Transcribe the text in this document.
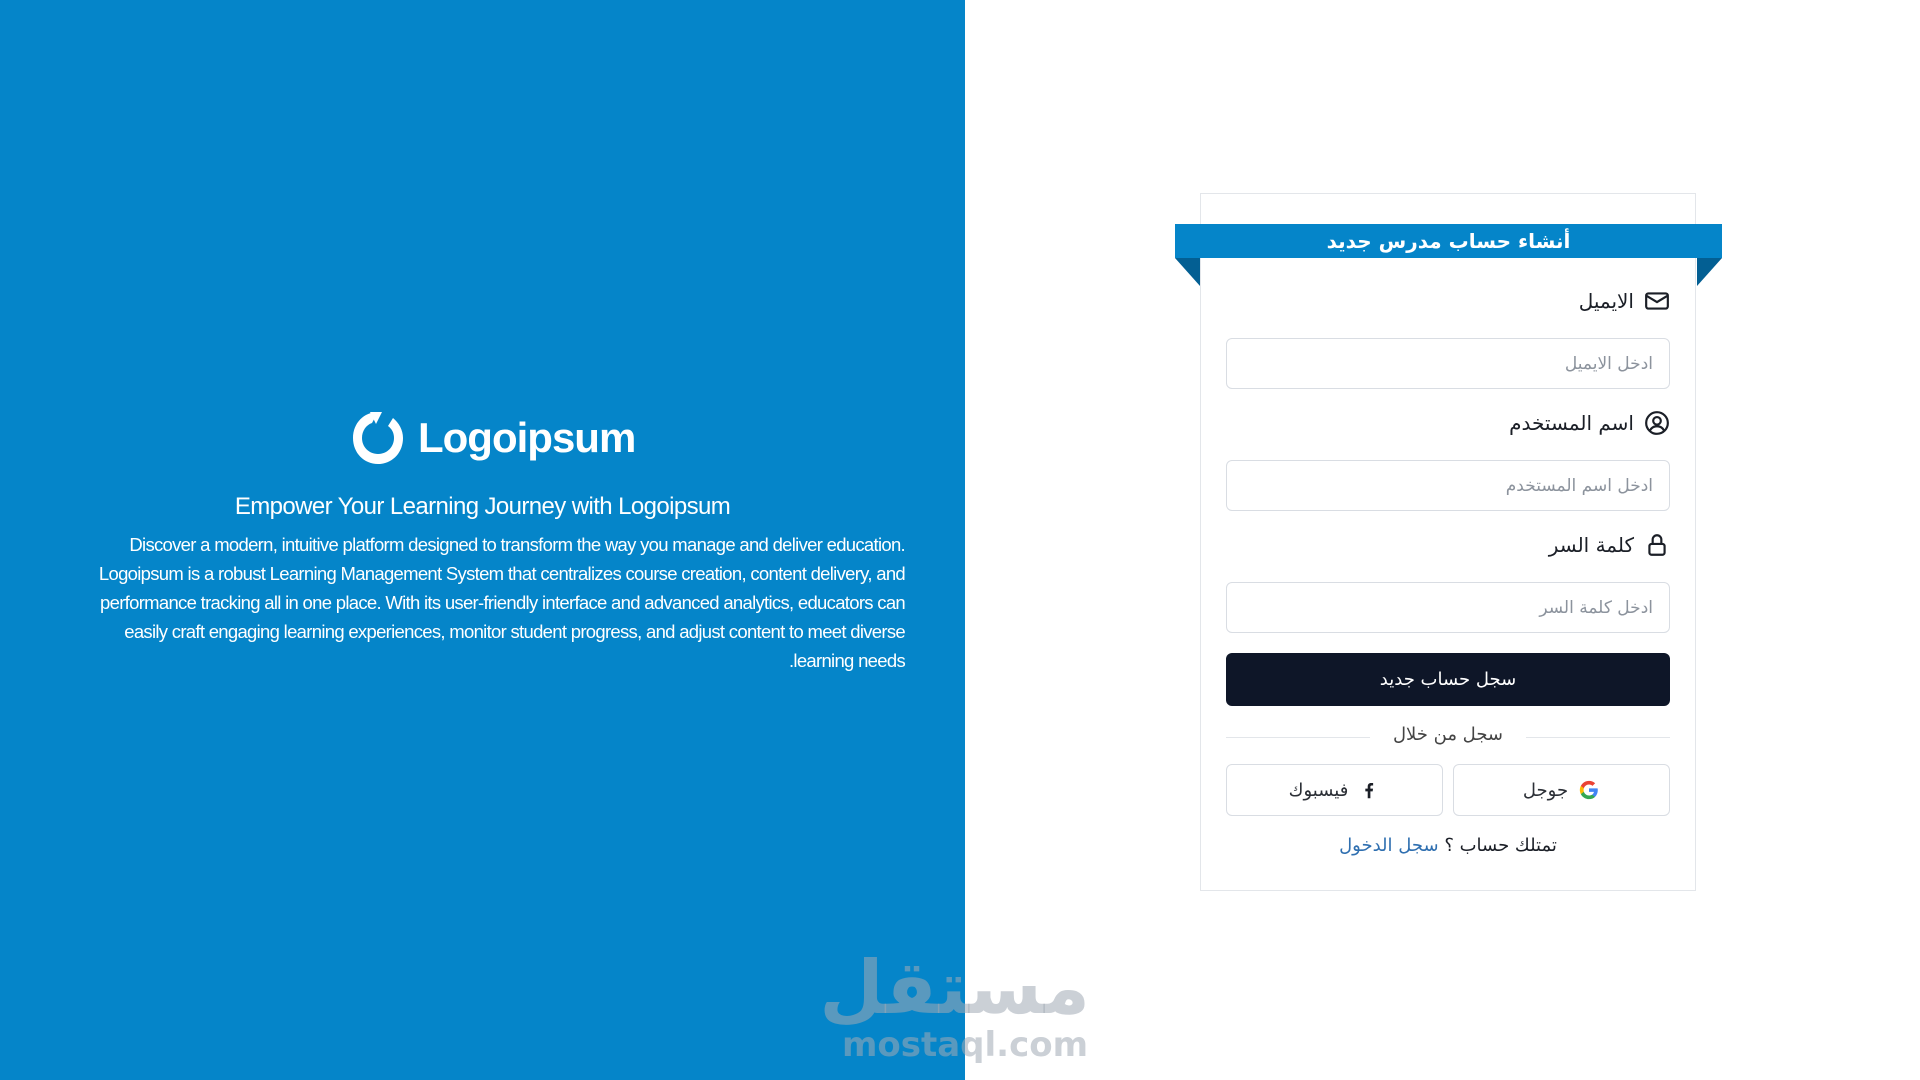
Logoipsum
Empower Your Learning Journey with Logoipsum
Discover a modern, intuitive platform designed to transform the way you manage and deliver education. Logoipsum is a robust Learning Management System that centralizes course creation, content delivery, and performance tracking all in one place. With its user-friendly interface and advanced analytics, educators can easily craft engaging learning experiences, monitor student progress, and adjust content to meet diverse learning needs.
أنشاء حساب مدرس جديد
الايميل
ادخل الايميل
اسم المستخدم
ادخل اسم المستخدم
كلمة السر
سجل حساب جديد
سجل من خلال
جوجل
فيسبوك
تمتلك حساب ؟ سجل الدخول
مستقل
mostaql.com
